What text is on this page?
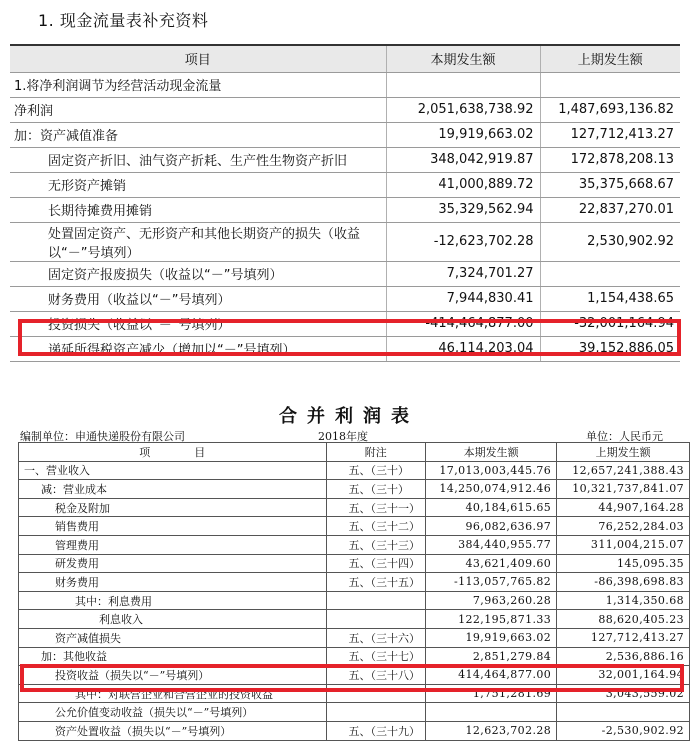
1. 现金流量表补充资料
项目	本期发生额	上期发生额
1.将净利润调节为经营活动现金流量		
净利润	2,051,638,738.92	1,487,693,136.82
加：资产减值准备	19,919,663.02	127,712,413.27
固定资产折旧、油气资产折耗、生产性生物资产折旧	348,042,919.87	172,878,208.13
无形资产摊销	41,000,889.72	35,375,668.67
长期待摊费用摊销	35,329,562.94	22,837,270.01
处置固定资产、无形资产和其他长期资产的损失（收益以“－”号填列）	-12,623,702.28	2,530,902.92
固定资产报废损失（收益以“－”号填列）	7,324,701.27	
财务费用（收益以“－”号填列）	7,944,830.41	1,154,438.65
投资损失（收益以“－”号填列）	-414,464,877.00	-32,001,164.94
递延所得税资产减少（增加以“－”号填列）	46,114,203.04	39,152,886.05
合并利润表
编制单位：申通快递股份有限公司	2018年度	单位：人民币元
项　　　　目	附注	本期发生额	上期发生额
一、营业收入	五、（三十）	17,013,003,445.76	12,657,241,388.43
减：营业成本	五、（三十）	14,250,074,912.46	10,321,737,841.07
税金及附加	五、（三十一）	40,184,615.65	44,907,164.28
销售费用	五、（三十二）	96,082,636.97	76,252,284.03
管理费用	五、（三十三）	384,440,955.77	311,004,215.07
研发费用	五、（三十四）	43,621,409.60	145,095.35
财务费用	五、（三十五）	-113,057,765.82	-86,398,698.83
其中：利息费用		7,963,260.28	1,314,350.68
利息收入		122,195,871.33	88,620,405.23
资产减值损失	五、（三十六）	19,919,663.02	127,712,413.27
加：其他收益	五、（三十七）	2,851,279.84	2,536,886.16
投资收益（损失以“－”号填列）	五、（三十八）	414,464,877.00	32,001,164.94
其中：对联营企业和合营企业的投资收益		1,751,281.69	3,043,559.02
公允价值变动收益（损失以“－”号填列）			
资产处置收益（损失以“－”号填列）	五、（三十九）	12,623,702.28	-2,530,902.92
